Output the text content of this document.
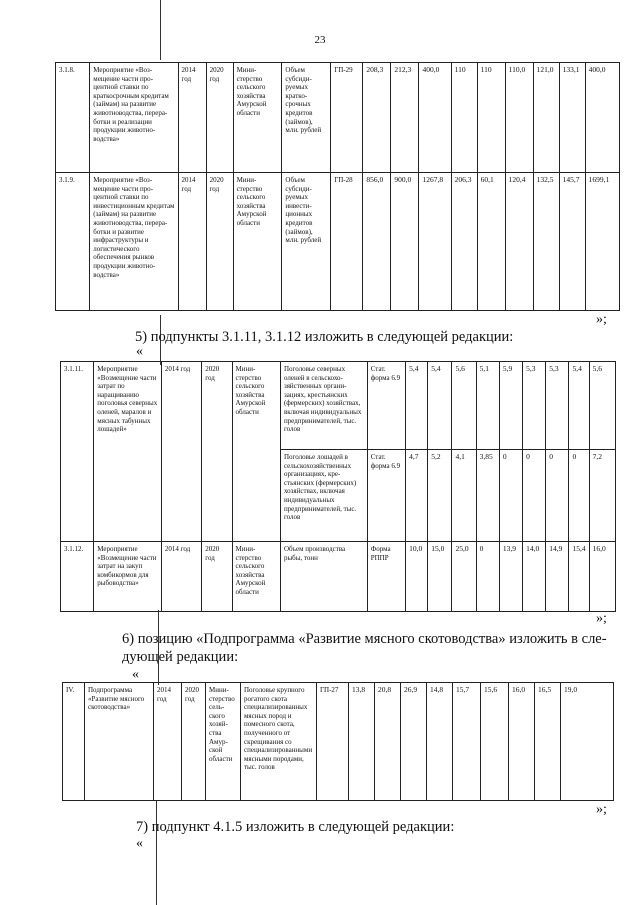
23
3.1.8.	Мероприятие «Возмещение части процентной ставки по краткосрочным кредитам (займам) на развитие животноводства, переработки и реализации продукции животноводства»	2014 год	2020 год	Министерство сельского хозяйства Амурской области	Объем субсидируемых краткосрочных кредитов (займов), млн. рублей	ГП-29	208,3	212,3	400,0	110	110	110,0	121,0	133,1	400,0
3.1.9.	Мероприятие «Возмещение части процентной ставки по инвестиционным кредитам (займам) на развитие животноводства, переработки и развитие инфраструктуры и логистического обеспечения рынков продукции животноводства»	2014 год	2020 год	Министерство сельского хозяйства Амурской области	Объем субсидируемых инвестиционных кредитов (займов), млн. рублей	ГП-28	856,0	900,0	1267,8	206,3	60,1	120,4	132,5	145,7	1699,1
»;
5) подпункты 3.1.11, 3.1.12 изложить в следующей редакции:
«
3.1.11.	Мероприятие «Возмещение части затрат по наращиванию поголовья северных оленей, маралов и мясных табунных лошадей»	2014 год	2020 год	Министерство сельского хозяйства Амурской области	Поголовье северных оленей в сельскохозяйственных организациях, крестьянских (фермерских) хозяйствах, включая индивидуальных предпринимателей, тыс. голов	Стат. форма 6.9	5,4	5,4	5,6	5,1	5,9	5,3	5,3	5,4	5,6
					Поголовье лошадей в сельскохозяйственных организациях, крестьянских (фермерских) хозяйствах, включая индивидуальных предпринимателей, тыс. голов	Стат. форма 6.9	4,7	5,2	4,1	3,85	0	0	0	0	7,2
3.1.12.	Мероприятие «Возмещение части затрат на закуп комбикормов для рыбоводства»	2014 год	2020 год	Министерство сельского хозяйства Амурской области	Объем производства рыбы, тонн	Форма РППР	10,0	15,0	25,0	0	13,9	14,0	14,9	15,4	16,0
»;
6) позицию «Подпрограмма «Развитие мясного скотоводства» изложить в следующей редакции:
«
IV.	Подпрограмма «Развитие мясного скотоводства»	2014 год	2020 год	Министерство сельского хозяйства Амурской области	Поголовье крупного рогатого скота специализированных мясных пород и помесного скота, полученного от скрещивания со специализированными мясными породами, тыс. голов	ГП-27	13,8	20,8	26,9	14,8	15,7	15,6	16,0	16,5	19,0
»;
7) подпункт 4.1.5 изложить в следующей редакции:
«
